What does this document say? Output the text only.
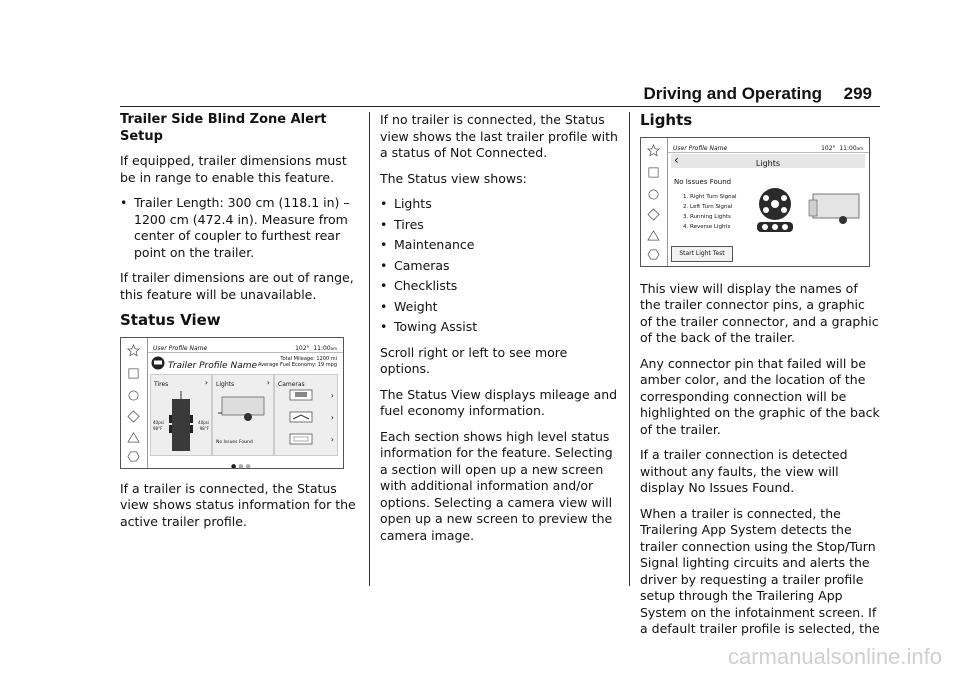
Driving and Operating 299
Trailer Side Blind Zone Alert Setup

If equipped, trailer dimensions must be in range to enable this feature.

• Trailer Length: 300 cm (118.1 in) – 1200 cm (472.4 in). Measure from center of coupler to furthest rear point on the trailer.

If trailer dimensions are out of range, this feature will be unavailable.

Status View
User Profile Name	102° 11:00am
Trailer Profile Name
Total Mileage: 1200 mi
Average Fuel Economy: 19 mpg
Tires	›
40psi
98°F
40psi
98°F
Lights	›
No Issues Found
Cameras
›
›
›
●●●

If a trailer is connected, the Status view shows status information for the active trailer profile.

If no trailer is connected, the Status view shows the last trailer profile with a status of Not Connected.

The Status view shows:

• Lights
• Tires
• Maintenance
• Cameras
• Checklists
• Weight
• Towing Assist

Scroll right or left to see more options.

The Status View displays mileage and fuel economy information.

Each section shows high level status information for the feature. Selecting a section will open up a new screen with additional information and/or options. Selecting a camera view will open up a new screen to preview the camera image.

Lights
User Profile Name	102° 11:00am
‹	Lights
No Issues Found
1. Right Turn Signal
2. Left Turn Signal
3. Running Lights
4. Reverse Lights
Start Light Test

This view will display the names of the trailer connector pins, a graphic of the trailer connector, and a graphic of the back of the trailer.

Any connector pin that failed will be amber color, and the location of the corresponding connection will be highlighted on the graphic of the back of the trailer.

If a trailer connection is detected without any faults, the view will display No Issues Found.

When a trailer is connected, the Trailering App System detects the trailer connection using the Stop/Turn Signal lighting circuits and alerts the driver by requesting a trailer profile setup through the Trailering App System on the infotainment screen. If a default trailer profile is selected, the

carmanualsonline.info
